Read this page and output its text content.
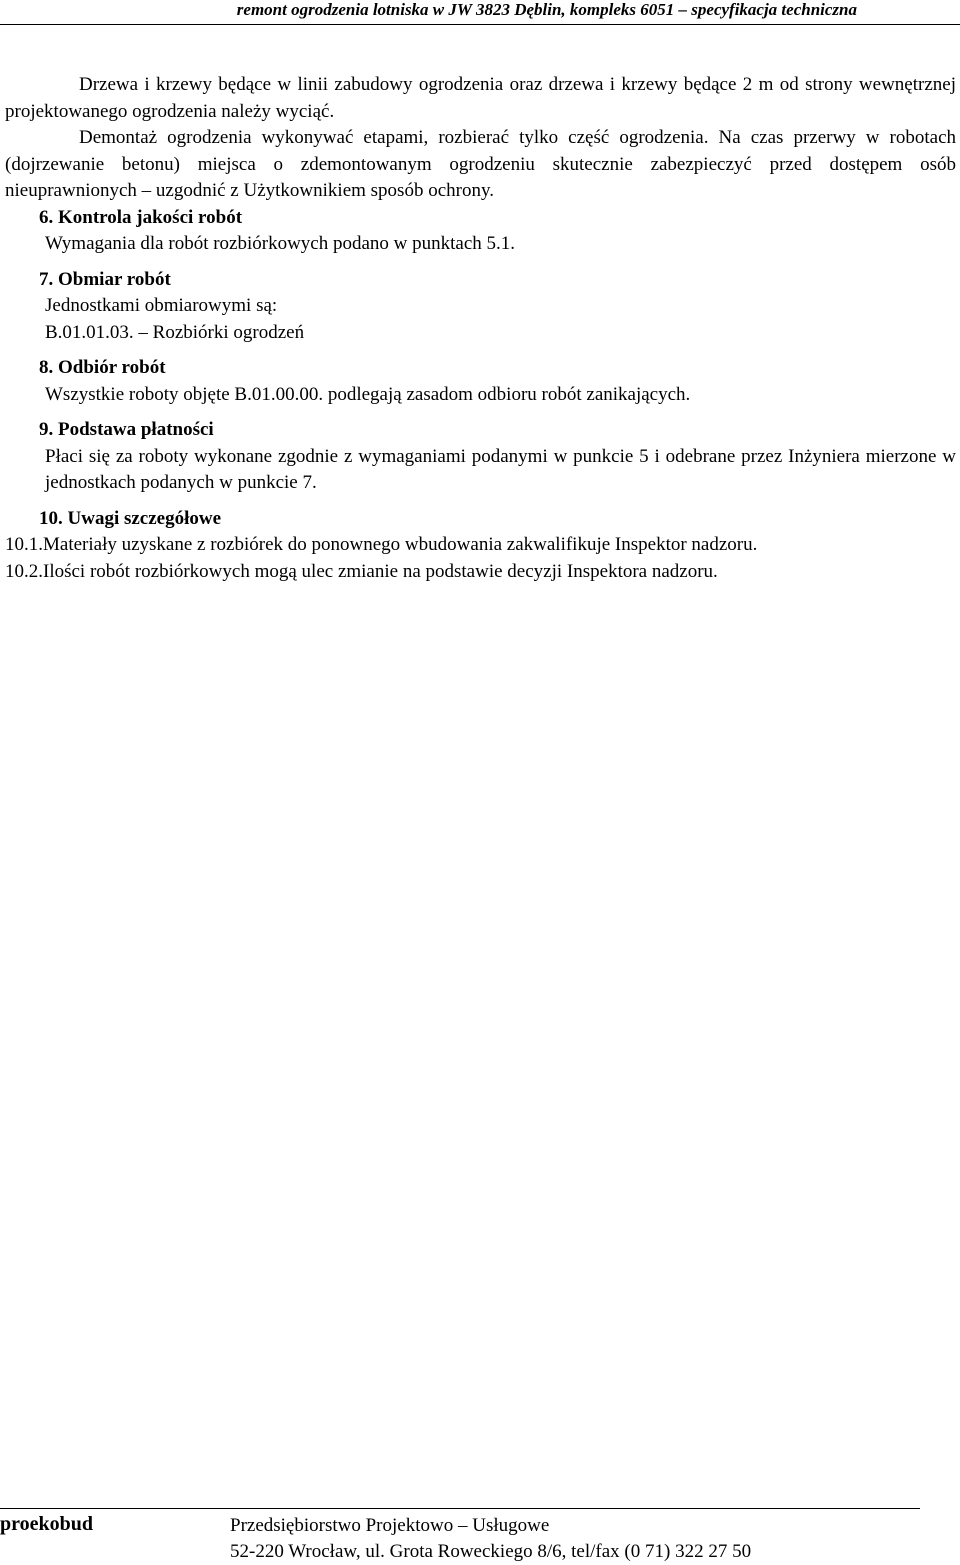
remont ogrodzenia lotniska w JW 3823 Dęblin, kompleks 6051 – specyfikacja techniczna

Drzewa i krzewy będące w linii zabudowy ogrodzenia oraz drzewa i krzewy będące 2 m od strony wewnętrznej projektowanego ogrodzenia należy wyciąć.

Demontaż ogrodzenia wykonywać etapami, rozbierać tylko część ogrodzenia. Na czas przerwy w robotach (dojrzewanie betonu) miejsca o zdemontowanym ogrodzeniu skutecznie zabezpieczyć przed dostępem osób nieuprawnionych – uzgodnić z Użytkownikiem sposób ochrony.

6. Kontrola jakości robót

Wymagania dla robót rozbiórkowych podano w punktach 5.1.

7. Obmiar robót

Jednostkami obmiarowymi są:

B.01.01.03. – Rozbiórki ogrodzeń

8. Odbiór robót

Wszystkie roboty objęte B.01.00.00. podlegają zasadom odbioru robót zanikających.

9. Podstawa płatności

Płaci się za roboty wykonane zgodnie z wymaganiami podanymi w punkcie 5 i odebrane przez Inżyniera mierzone w jednostkach podanych w punkcie 7.

10. Uwagi szczegółowe

10.1.Materiały uzyskane z rozbiórek do ponownego wbudowania zakwalifikuje Inspektor nadzoru.

10.2.Ilości robót rozbiórkowych mogą ulec zmianie na podstawie decyzji Inspektora nadzoru.

proekobud	Przedsiębiorstwo Projektowo – Usługowe
52-220 Wrocław, ul. Grota Roweckiego 8/6, tel/fax (0 71) 322 27 50
